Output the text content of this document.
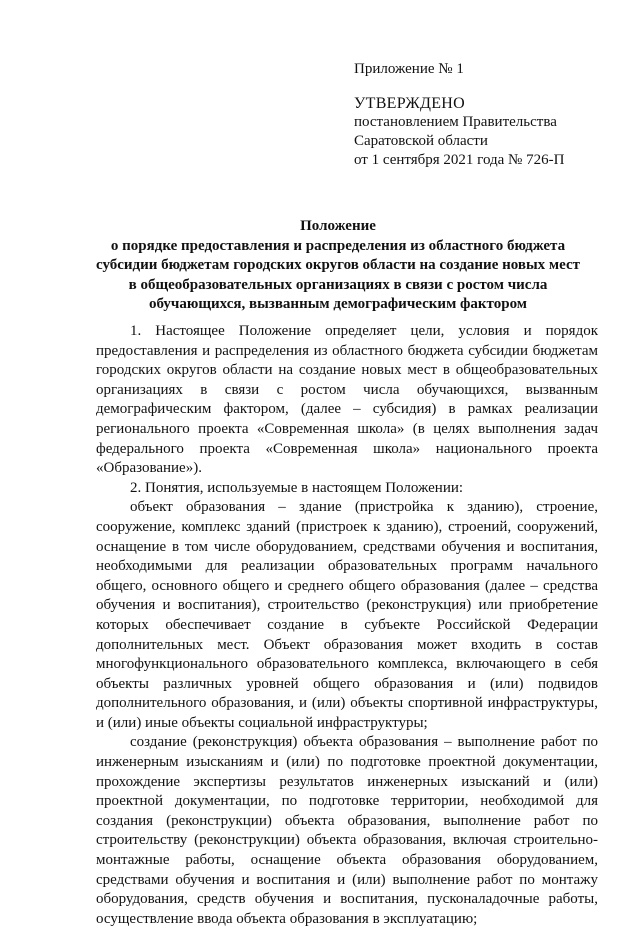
Приложение № 1

УТВЕРЖДЕНО

постановлением Правительства

Саратовской области

от 1 сентября 2021 года № 726-П

Положение
о порядке предоставления и распределения из областного бюджета
субсидии бюджетам городских округов области на создание новых мест
в общеобразовательных организациях в связи с ростом числа
обучающихся, вызванным демографическим фактором

1. Настоящее Положение определяет цели, условия и порядок предоставления и распределения из областного бюджета субсидии бюджетам городских округов области на создание новых мест в общеобразовательных организациях в связи с ростом числа обучающихся, вызванным демографическим фактором, (далее – субсидия) в рамках реализации регионального проекта «Современная школа» (в целях выполнения задач федерального проекта «Современная школа» национального проекта «Образование»).

2. Понятия, используемые в настоящем Положении:

объект образования – здание (пристройка к зданию), строение, сооружение, комплекс зданий (пристроек к зданию), строений, сооружений, оснащение в том числе оборудованием, средствами обучения и воспитания, необходимыми для реализации образовательных программ начального общего, основного общего и среднего общего образования (далее – средства обучения и воспитания), строительство (реконструкция) или приобретение которых обеспечивает создание в субъекте Российской Федерации дополнительных мест. Объект образования может входить в состав многофункционального образовательного комплекса, включающего в себя объекты различных уровней общего образования и (или) подвидов дополнительного образования, и (или) объекты спортивной инфраструктуры, и (или) иные объекты социальной инфраструктуры;

создание (реконструкция) объекта образования – выполнение работ по инженерным изысканиям и (или) по подготовке проектной документации, прохождение экспертизы результатов инженерных изысканий и (или) проектной документации, по подготовке территории, необходимой для создания (реконструкции) объекта образования, выполнение работ по строительству (реконструкции) объекта образования, включая строительно-монтажные работы, оснащение объекта образования оборудованием, средствами обучения и воспитания и (или) выполнение работ по монтажу оборудования, средств обучения и воспитания, пусконаладочные работы, осуществление ввода объекта образования в эксплуатацию;
